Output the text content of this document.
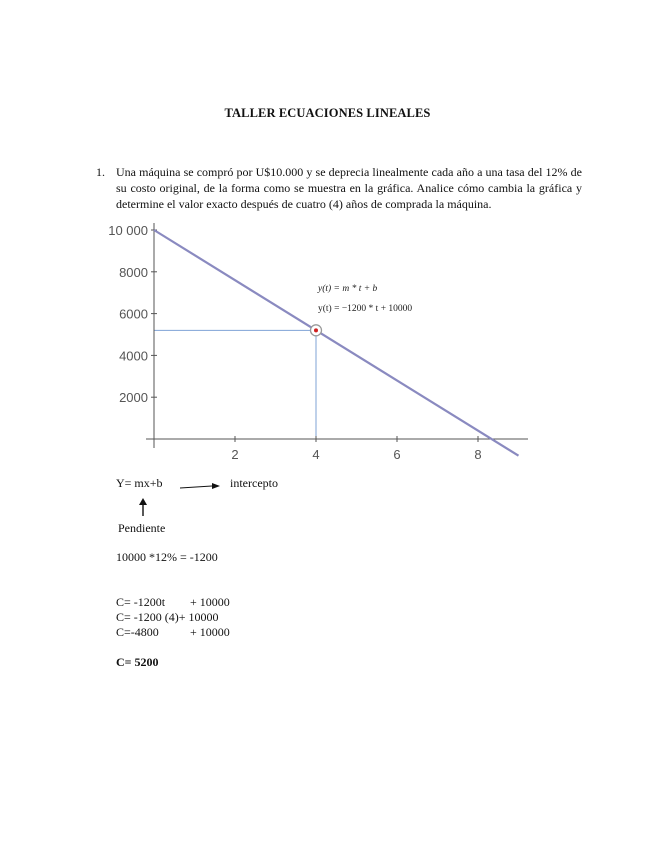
TALLER ECUACIONES LINEALES
1. Una máquina se compró por U$10.000 y se deprecia linealmente cada año a una tasa del 12% de su costo original, de la forma como se muestra en la gráfica. Analice cómo cambia la gráfica y determine el valor exacto después de cuatro (4) años de comprada la máquina.
2	4	6	8
2000
4000
6000
8000
10 000
y(t) = m * t + b
y(t) = −1200 * t + 10000
Y= mx+b	intercepto
Pendiente
10000 *12% = -1200
C= -1200t + 10000
C= -1200 (4)+ 10000
C=-4800	+ 10000
C= 5200
